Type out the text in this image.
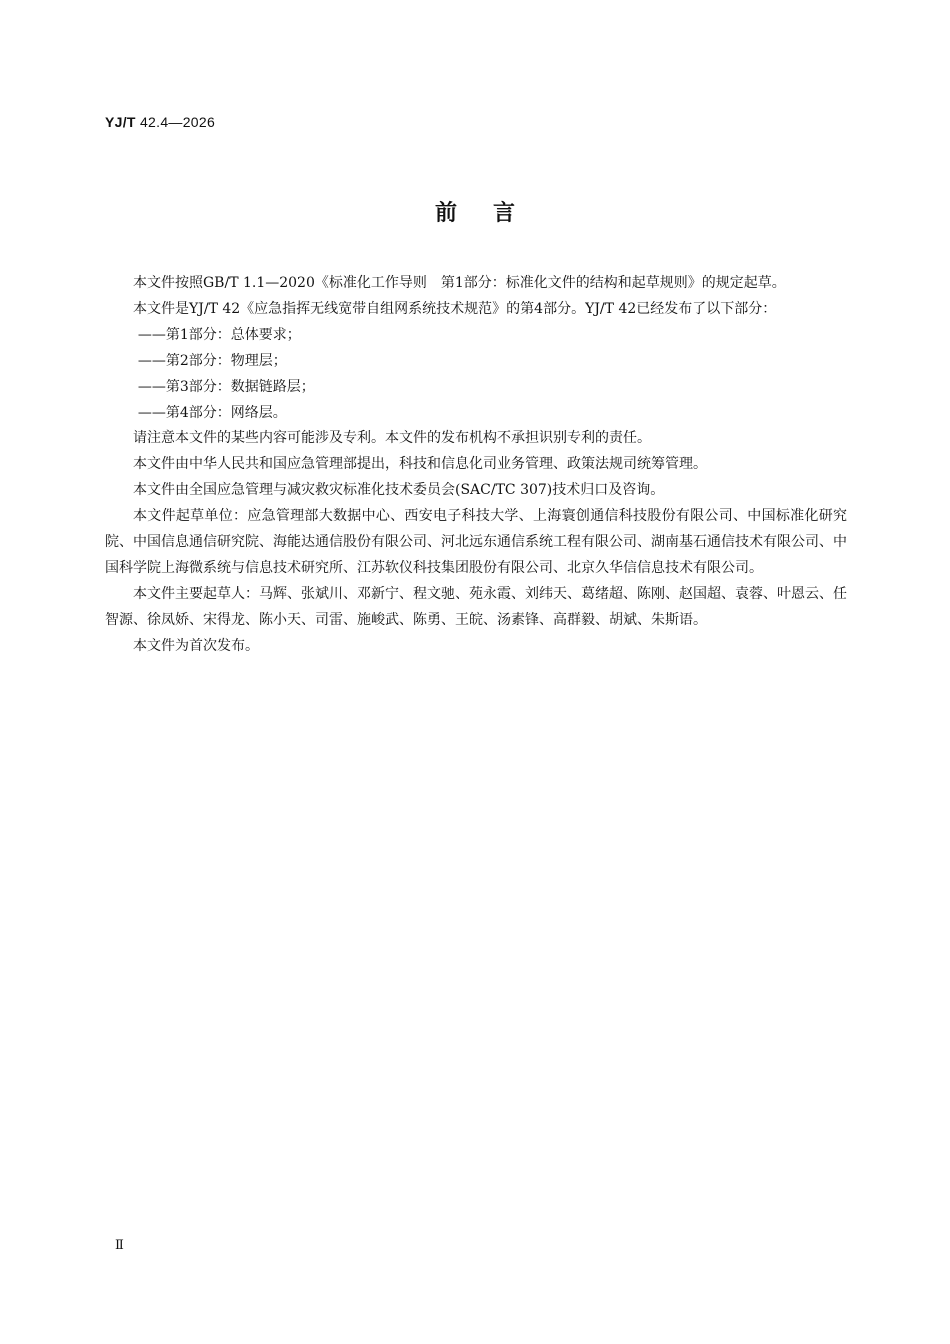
YJ/T 42.4—2026
前言

本文件按照GB/T 1.1—2020《标准化工作导则　第1部分：标准化文件的结构和起草规则》的规定起草。

本文件是YJ/T 42《应急指挥无线宽带自组网系统技术规范》的第4部分。YJ/T 42已经发布了以下部分：

——第1部分：总体要求；

——第2部分：物理层；

——第3部分：数据链路层；

——第4部分：网络层。

请注意本文件的某些内容可能涉及专利。本文件的发布机构不承担识别专利的责任。

本文件由中华人民共和国应急管理部提出，科技和信息化司业务管理、政策法规司统筹管理。

本文件由全国应急管理与减灾救灾标准化技术委员会(SAC/TC 307)技术归口及咨询。

本文件起草单位：应急管理部大数据中心、西安电子科技大学、上海寰创通信科技股份有限公司、中国标准化研究院、中国信息通信研究院、海能达通信股份有限公司、河北远东通信系统工程有限公司、湖南基石通信技术有限公司、中国科学院上海微系统与信息技术研究所、江苏软仪科技集团股份有限公司、北京久华信信息技术有限公司。

本文件主要起草人：马辉、张斌川、邓新宁、程文驰、苑永霞、刘纬天、葛绪超、陈刚、赵国超、袁蓉、叶恩云、任智源、徐凤娇、宋得龙、陈小天、司雷、施峻武、陈勇、王皖、汤素锋、高群毅、胡斌、朱斯语。

本文件为首次发布。

Ⅱ
